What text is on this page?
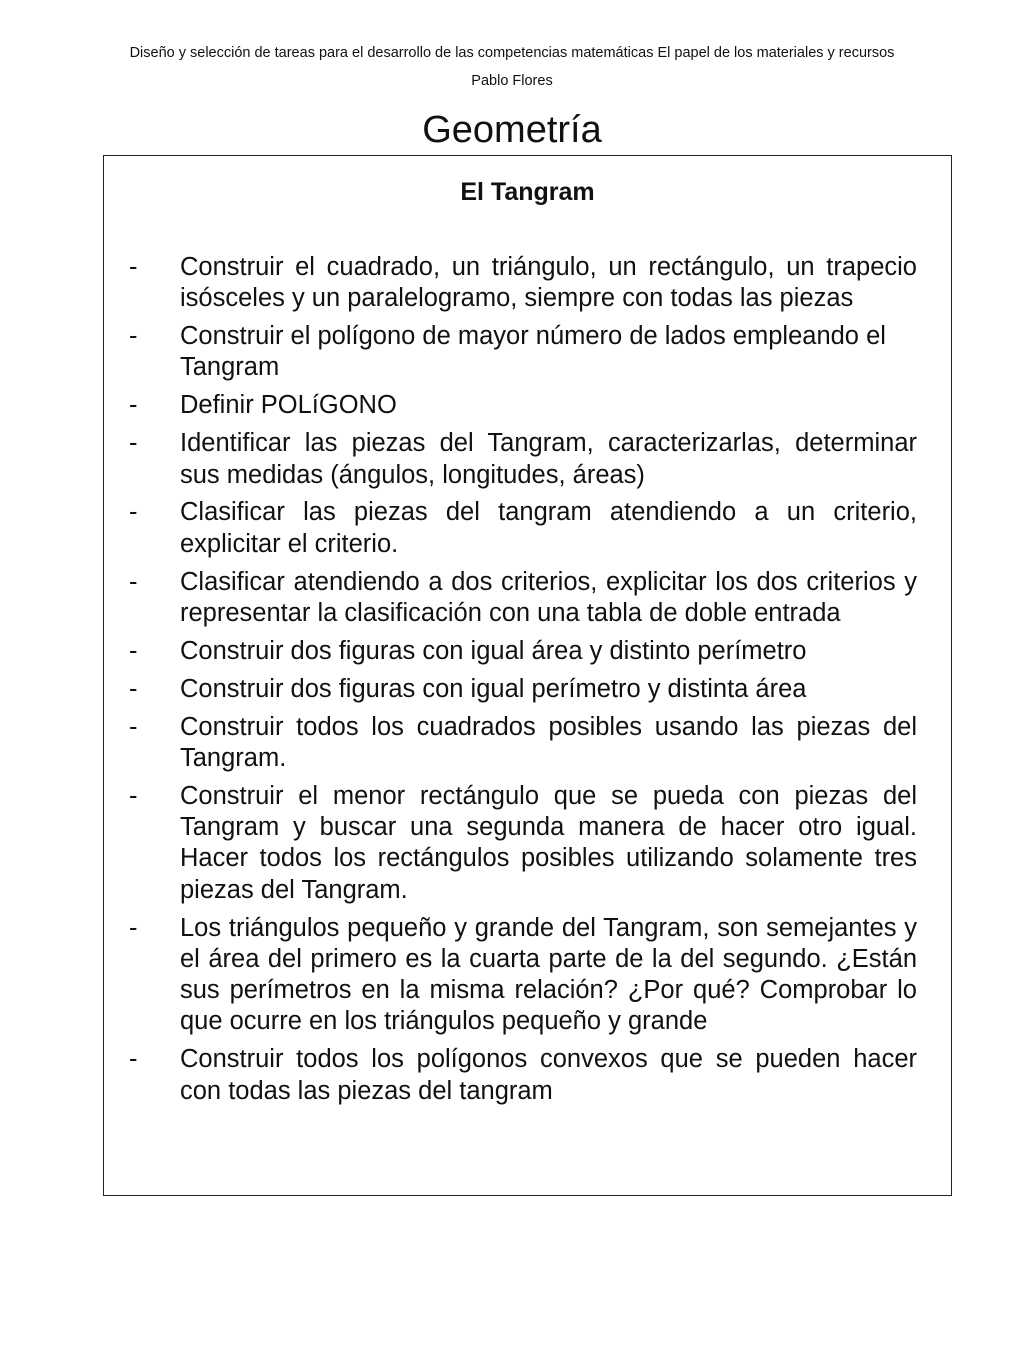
Diseño y selección de tareas para el desarrollo de las competencias matemáticas El papel de los materiales y recursos
Pablo Flores
Geometría
El Tangram
- Construir el cuadrado, un triángulo, un rectángulo, un trapecio isósceles y un paralelogramo, siempre con todas las piezas
- Construir el polígono de mayor número de lados empleando el Tangram
- Definir POLíGONO
- Identificar las piezas del Tangram, caracterizarlas, determinar sus medidas (ángulos, longitudes, áreas)
- Clasificar las piezas del tangram atendiendo a un criterio, explicitar el criterio.
- Clasificar atendiendo a dos criterios, explicitar los dos criterios y representar la clasificación con una tabla de doble entrada
- Construir dos figuras con igual área y distinto perímetro
- Construir dos figuras con igual perímetro y distinta área
- Construir todos los cuadrados posibles usando las piezas del Tangram.
- Construir el menor rectángulo que se pueda con piezas del Tangram y buscar una segunda manera de hacer otro igual. Hacer todos los rectángulos posibles utilizando solamente tres piezas del Tangram.
- Los triángulos pequeño y grande del Tangram, son semejantes y el área del primero es la cuarta parte de la del segundo. ¿Están sus perímetros en la misma relación? ¿Por qué? Comprobar lo que ocurre en los triángulos pequeño y grande
- Construir todos los polígonos convexos que se pueden hacer con todas las piezas del tangram
